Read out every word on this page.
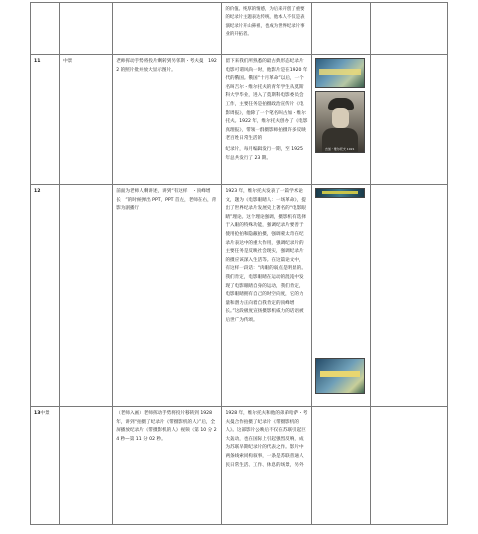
			的价值。纯厚的情感，为后来开创了重要的纪录片主题表达传统，他本人不仅是表演纪录片开山鼻祖，也成为世界纪录片事业的开拓者。		

11	中景	老师挥动手势将投片剩转到另邻斯・考夫曼　1922 的照片批并放大显示图片。	留下来我们所熟悉的最古典形态纪录片电影可谓风尚一时，他影片是在1920 年代的俄国。俄国“十月革命”以后，一个名叫吉尔・维尔托夫的青年学生从莫斯科大学毕业，进入了莫斯科电影委员会工作，主要任务是拍摄政治宣传片《电影周报》，他除了一个笔名叫古加・维尔托夫。1922 年，维尔托夫创办了《电影真理报》，带领一群摄影师拍摄许多反映老百姓日常生活的
纪录片，每月编辑发行一期，至 1925 年总共发行了 23 期。	吉加・维尔托夫 1921	

12		前面为老师人剩讲述，讲到“有这样　・顶峰增长　”的时候弹出 PPT，PPT 首左，老师在右，背影为剧播厅	1923 年，维尔托夫发表了一篇学术论文，题为《电影眼睛人：一场革命》，提出了世界纪录片发展史上著名的“电影眼睛”理论。这个理论强调，摄影机有选择于入眼的特殊功能，强调纪录片要善于使用抢拍和隐蔽拍摄，强调蒙太奇在纪录片表达中的重大作用，强调纪录片的主要任务是反映社会现实，强调纪录片的摄应该深入生活等。在这篇论文中，有这样一段话：“肉眼的弱点是明显的。我们肯定，电影眼睛在运动的混沌中发现了电影眼睛自身的运动，我们肯定，电影眼睛拥有自己的时空向度，它的力量和潜力正向着自我肯定的顶峰增长。”这段极度宣扬摄影机威力的话语被后世广为传颂。		

13中景		（老师入画）老师挥动手势将投片移转到 1928 年，讲到“拍摄了纪录片《带摄影机的人》”后，全屏播放纪录片《带摄影机的人》视频（第 10 分 24 秒—第 11 分 02 秒。	1928 年，维尔托夫和他的弟弟哈萨・考夫曼合作拍摄了纪录片《带摄影机的人》。这部影片公映后不仅在苏联引起巨大轰动，也在国际上引起强烈反响，成为苏联早期纪录片的代表之作。影片中两条线索同构叙事，一条是苏联普通人民日常生活、工作、休息的场景，另外		
